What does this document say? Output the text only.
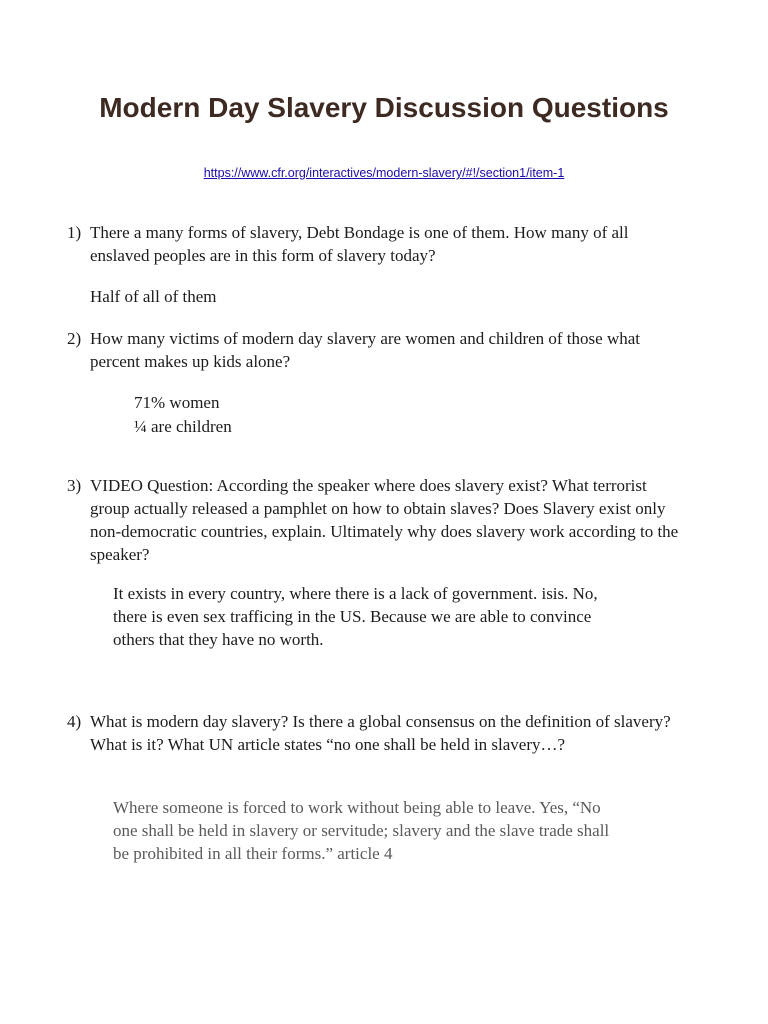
Modern Day Slavery Discussion Questions
https://www.cfr.org/interactives/modern-slavery/#!/section1/item-1
1) There a many forms of slavery, Debt Bondage is one of them. How many of all enslaved peoples are in this form of slavery today?
Half of all of them
2) How many victims of modern day slavery are women and children of those what percent makes up kids alone?
71% women
¼ are children
3) VIDEO Question: According the speaker where does slavery exist? What terrorist group actually released a pamphlet on how to obtain slaves? Does Slavery exist only non-democratic countries, explain. Ultimately why does slavery work according to the speaker?
It exists in every country, where there is a lack of government. isis. No,
there is even sex trafficing in the US. Because we are able to convince
others that they have no worth.
4) What is modern day slavery? Is there a global consensus on the definition of slavery? What is it? What UN article states “no one shall be held in slavery…?
Where someone is forced to work without being able to leave. Yes, “No
one shall be held in slavery or servitude; slavery and the slave trade shall
be prohibited in all their forms.” article 4
